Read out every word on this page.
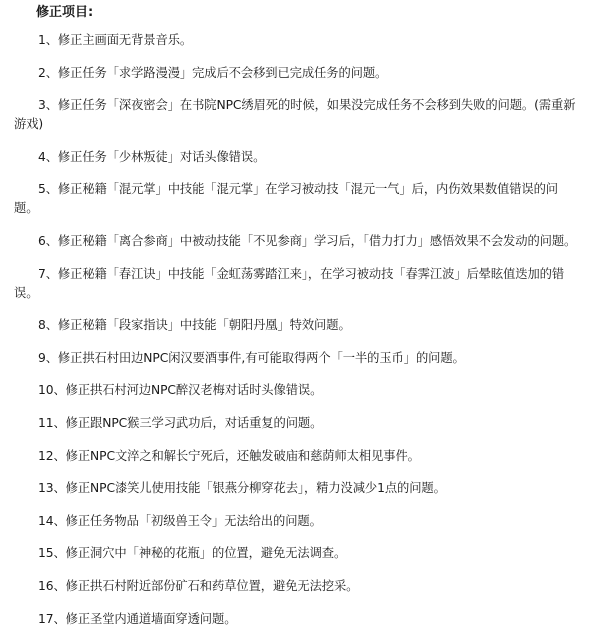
修正项目:
1、修正主画面无背景音乐。
2、修正任务「求学路漫漫」完成后不会移到已完成任务的问题。
3、修正任务「深夜密会」在书院NPC绣眉死的时候，如果没完成任务不会移到失败的问题。(需重新游戏)
4、修正任务「少林叛徒」对话头像错误。
5、修正秘籍「混元掌」中技能「混元掌」在学习被动技「混元一气」后，内伤效果数值错误的问题。
6、修正秘籍「离合参商」中被动技能「不见参商」学习后，「借力打力」感悟效果不会发动的问题。
7、修正秘籍「春江诀」中技能「金虹荡雾踏江来」，在学习被动技「春霁江波」后晕眩值迭加的错误。
8、修正秘籍「段家指诀」中技能「朝阳丹凰」特效问题。
9、修正拱石村田边NPC闲汉要酒事件,有可能取得两个「一半的玉币」的问题。
10、修正拱石村河边NPC醉汉老梅对话时头像错误。
11、修正跟NPC猴三学习武功后，对话重复的问题。
12、修正NPC文淬之和解长宁死后，还触发破庙和慈荫师太相见事件。
13、修正NPC漆笑儿使用技能「银燕分柳穿花去」，精力没减少1点的问题。
14、修正任务物品「初级兽王令」无法给出的问题。
15、修正洞穴中「神秘的花瓶」的位置，避免无法调查。
16、修正拱石村附近部份矿石和药草位置，避免无法挖采。
17、修正圣堂内通道墙面穿透问题。
